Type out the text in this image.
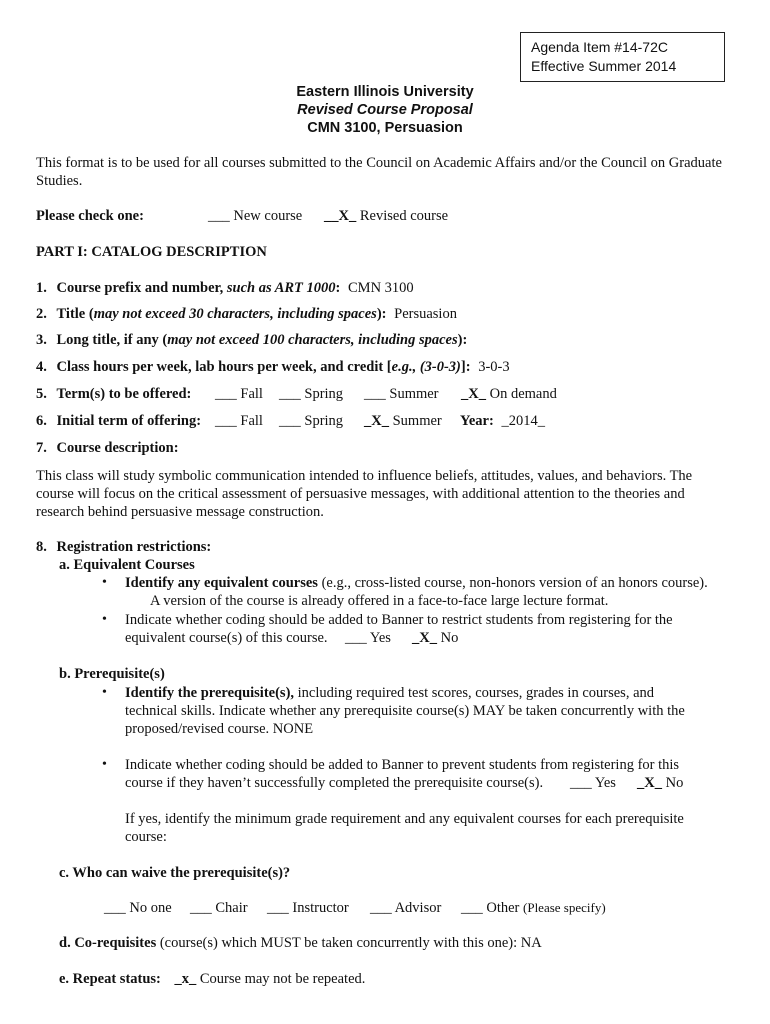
Agenda Item #14-72C
Effective Summer 2014
Eastern Illinois University
Revised Course Proposal
CMN 3100, Persuasion
This format is to be used for all courses submitted to the Council on Academic Affairs and/or the Council on Graduate Studies.
Please check one:	___ New course __X_ Revised course
PART I: CATALOG DESCRIPTION
1. Course prefix and number, such as ART 1000: CMN 3100
2. Title (may not exceed 30 characters, including spaces): Persuasion
3. Long title, if any (may not exceed 100 characters, including spaces):
4. Class hours per week, lab hours per week, and credit [e.g., (3-0-3)]: 3-0-3
5. Term(s) to be offered: ___ Fall ___ Spring ___ Summer _X_ On demand
6. Initial term of offering: ___ Fall ___ Spring _X_ Summer Year: _2014_
7. Course description:
This class will study symbolic communication intended to influence beliefs, attitudes, values, and behaviors. The course will focus on the critical assessment of persuasive messages, with additional attention to the theories and research behind persuasive message construction.
8. Registration restrictions:
a. Equivalent Courses
• Identify any equivalent courses (e.g., cross-listed course, non-honors version of an honors course).
A version of the course is already offered in a face-to-face large lecture format.
• Indicate whether coding should be added to Banner to restrict students from registering for the
equivalent course(s) of this course. ___ Yes _X_ No
b. Prerequisite(s)
• Identify the prerequisite(s), including required test scores, courses, grades in courses, and
technical skills. Indicate whether any prerequisite course(s) MAY be taken concurrently with the
proposed/revised course. NONE
• Indicate whether coding should be added to Banner to prevent students from registering for this
course if they haven’t successfully completed the prerequisite course(s). ___ Yes _X_ No
If yes, identify the minimum grade requirement and any equivalent courses for each prerequisite
course:
c. Who can waive the prerequisite(s)?
___ No one ___ Chair ___ Instructor ___ Advisor ___ Other (Please specify)
d. Co-requisites (course(s) which MUST be taken concurrently with this one): NA
e. Repeat status: _x_ Course may not be repeated.
